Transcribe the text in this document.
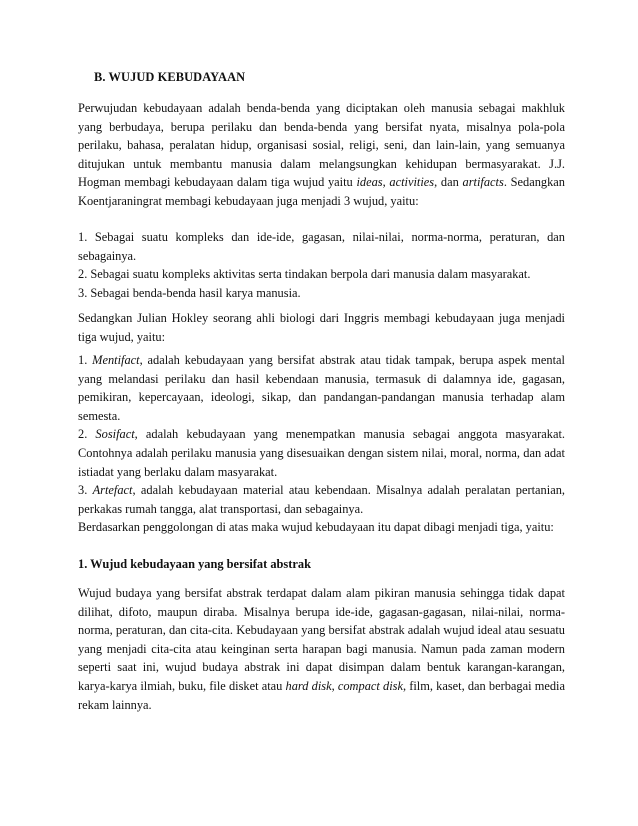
B. WUJUD KEBUDAYAAN

Perwujudan kebudayaan adalah benda-benda yang diciptakan oleh manusia sebagai makhluk yang berbudaya, berupa perilaku dan benda-benda yang bersifat nyata, misalnya pola-pola perilaku, bahasa, peralatan hidup, organisasi sosial, religi, seni, dan lain-lain, yang semuanya ditujukan untuk membantu manusia dalam melangsungkan kehidupan bermasyarakat. J.J. Hogman membagi kebudayaan dalam tiga wujud yaitu ideas, activities, dan artifacts. Sedangkan Koentjaraningrat membagi kebudayaan juga menjadi 3 wujud, yaitu:

1. Sebagai suatu kompleks dan ide-ide, gagasan, nilai-nilai, norma-norma, peraturan, dan sebagainya.

2. Sebagai suatu kompleks aktivitas serta tindakan berpola dari manusia dalam masyarakat.

3. Sebagai benda-benda hasil karya manusia.

Sedangkan Julian Hokley seorang ahli biologi dari Inggris membagi kebudayaan juga menjadi tiga wujud, yaitu:

1. Mentifact, adalah kebudayaan yang bersifat abstrak atau tidak tampak, berupa aspek mental yang melandasi perilaku dan hasil kebendaan manusia, termasuk di dalamnya ide, gagasan, pemikiran, kepercayaan, ideologi, sikap, dan pandangan-pandangan manusia terhadap alam semesta.

2. Sosifact, adalah kebudayaan yang menempatkan manusia sebagai anggota masyarakat. Contohnya adalah perilaku manusia yang disesuaikan dengan sistem nilai, moral, norma, dan adat istiadat yang berlaku dalam masyarakat.

3. Artefact, adalah kebudayaan material atau kebendaan. Misalnya adalah peralatan pertanian, perkakas rumah tangga, alat transportasi, dan sebagainya.

Berdasarkan penggolongan di atas maka wujud kebudayaan itu dapat dibagi menjadi tiga, yaitu:
1. Wujud kebudayaan yang bersifat abstrak

Wujud budaya yang bersifat abstrak terdapat dalam alam pikiran manusia sehingga tidak dapat dilihat, difoto, maupun diraba. Misalnya berupa ide-ide, gagasan-gagasan, nilai-nilai, norma-norma, peraturan, dan cita-cita. Kebudayaan yang bersifat abstrak adalah wujud ideal atau sesuatu yang menjadi cita-cita atau keinginan serta harapan bagi manusia. Namun pada zaman modern seperti saat ini, wujud budaya abstrak ini dapat disimpan dalam bentuk karangan-karangan, karya-karya ilmiah, buku, file disket atau hard disk, compact disk, film, kaset, dan berbagai media rekam lainnya.
